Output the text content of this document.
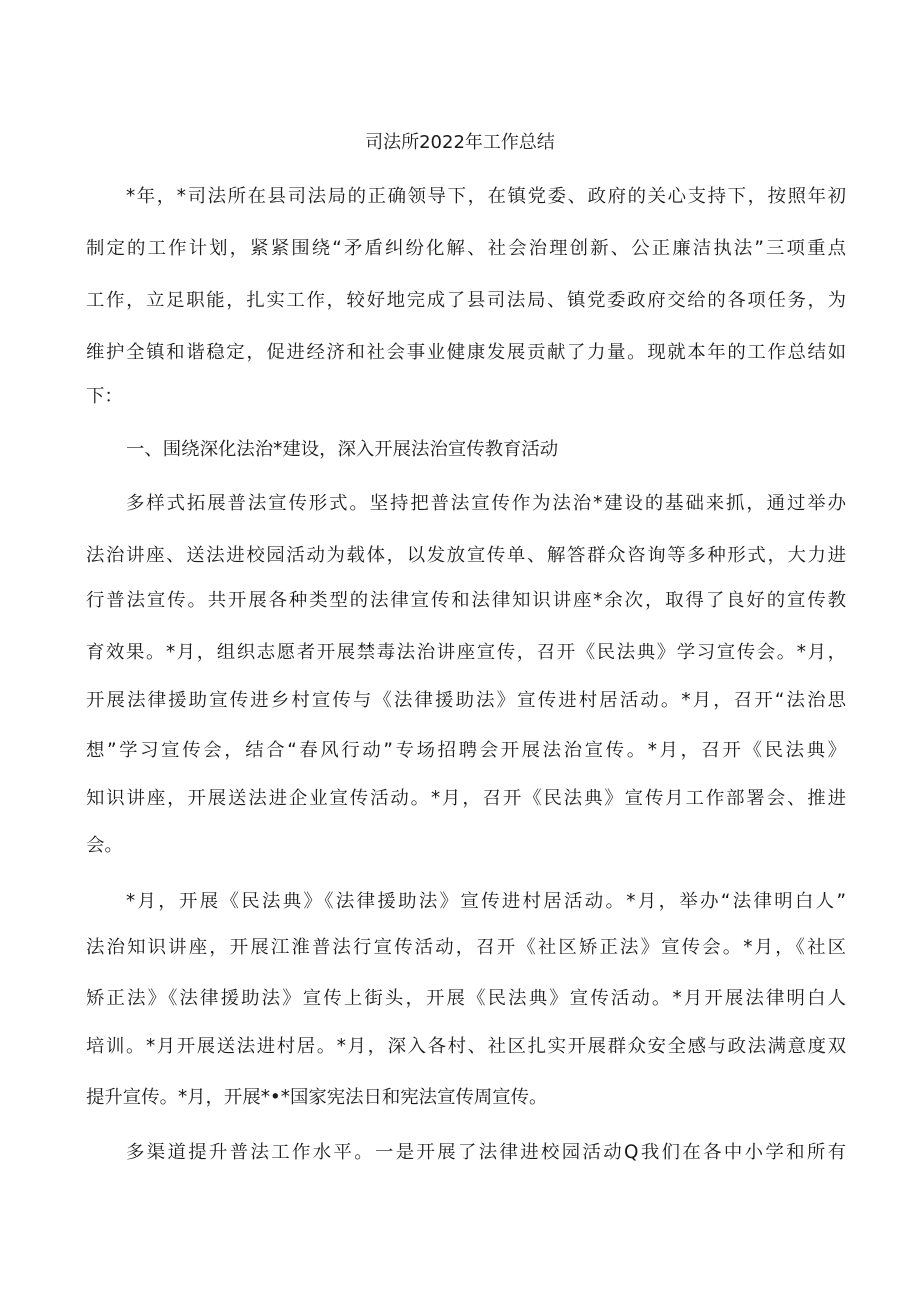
司法所2022年工作总结
*年，*司法所在县司法局的正确领导下，在镇党委、政府的关心支持下，按照年初
制定的工作计划，紧紧围绕“矛盾纠纷化解、社会治理创新、公正廉洁执法”三项重点
工作，立足职能，扎实工作，较好地完成了县司法局、镇党委政府交给的各项任务，为
维护全镇和谐稳定，促进经济和社会事业健康发展贡献了力量。现就本年的工作总结如
下：
一、围绕深化法治*建设，深入开展法治宣传教育活动
多样式拓展普法宣传形式。坚持把普法宣传作为法治*建设的基础来抓，通过举办
法治讲座、送法进校园活动为载体，以发放宣传单、解答群众咨询等多种形式，大力进
行普法宣传。共开展各种类型的法律宣传和法律知识讲座*余次，取得了良好的宣传教
育效果。*月，组织志愿者开展禁毒法治讲座宣传，召开《民法典》学习宣传会。*月，
开展法律援助宣传进乡村宣传与《法律援助法》宣传进村居活动。*月，召开“法治思
想”学习宣传会，结合“春风行动”专场招聘会开展法治宣传。*月，召开《民法典》
知识讲座，开展送法进企业宣传活动。*月，召开《民法典》宣传月工作部署会、推进
会。
*月，开展《民法典》《法律援助法》宣传进村居活动。*月，举办“法律明白人”
法治知识讲座，开展江淮普法行宣传活动，召开《社区矫正法》宣传会。*月，《社区
矫正法》《法律援助法》宣传上街头，开展《民法典》宣传活动。*月开展法律明白人
培训。*月开展送法进村居。*月，深入各村、社区扎实开展群众安全感与政法满意度双
提升宣传。*月，开展*•*国家宪法日和宪法宣传周宣传。
多渠道提升普法工作水平。一是开展了法律进校园活动Q我们在各中小学和所有
